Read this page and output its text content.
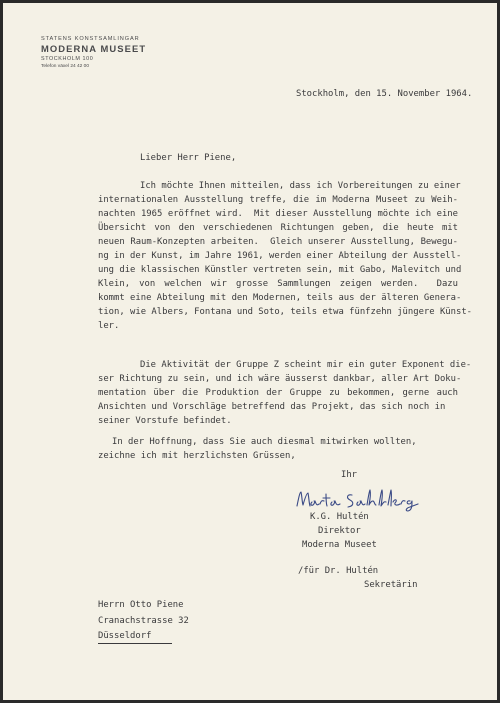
STATENS KONSTSAMLINGAR
MODERNA MUSEET
STOCKHOLM 100
Telefon växel 24 42 00
Stockholm, den 15. November 1964.
Lieber Herr Piene,
Ich möchte Ihnen mitteilen, dass ich Vorbereitungen zu einer
internationalen Ausstellung treffe, die im Moderna Museet zu Weih-
nachten 1965 eröffnet wird.  Mit dieser Ausstellung möchte ich eine
Übersicht von den verschiedenen Richtungen geben, die heute mit
neuen Raum-Konzepten arbeiten.  Gleich unserer Ausstellung, Bewegu-
ng in der Kunst, im Jahre 1961, werden einer Abteilung der Ausstell-
ung die klassischen Künstler vertreten sein, mit Gabo, Malevitch und
Klein, von welchen wir grosse Sammlungen zeigen werden.  Dazu
kommt eine Abteilung mit den Modernen, teils aus der älteren Genera-
tion, wie Albers, Fontana und Soto, teils etwa fünfzehn jüngere Künst-
ler.
Die Aktivität der Gruppe Z scheint mir ein guter Exponent die-
ser Richtung zu sein, und ich wäre äusserst dankbar, aller Art Doku-
mentation über die Produktion der Gruppe zu bekommen, gerne auch
Ansichten und Vorschläge betreffend das Projekt, das sich noch in
seiner Vorstufe befindet.
In der Hoffnung, dass Sie auch diesmal mitwirken wollten,
zeichne ich mit herzlichsten Grüssen,
Ihr
K.G. Hultén
Direktor
Moderna Museet
/für Dr. Hultén
Sekretärin
Herrn Otto Piene
Cranachstrasse 32
Düsseldorf
